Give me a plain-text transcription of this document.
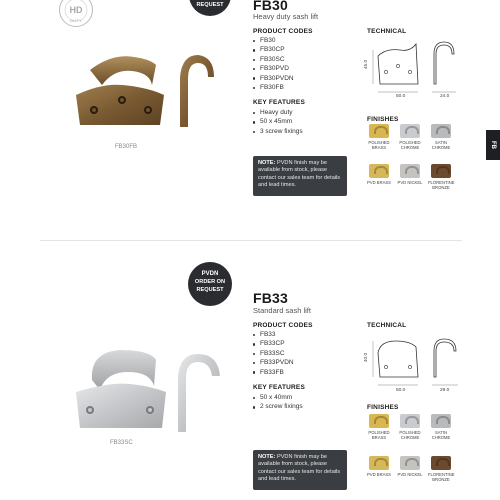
FB
HD
DUTY
REQUEST
FB30FB
FB30
Heavy duty sash lift
PRODUCT CODES
FB30
FB30CP
FB30SC
FB30PVD
FB30PVDN
FB30FB
KEY FEATURES
Heavy duty
50 x 45mm
3 screw fixings
NOTE: PVDN finish may be available from stock, please contact our sales team for details and lead times.
TECHNICAL
45.0
50.0	24.0
FINISHES
POLISHED BRASS
POLISHED CHROME
SATIN CHROME
PVD BRASS PVD NICKEL FLORENTINE BRONZE
PVDN
ORDER ON
REQUEST
FB33SC
FB33
Standard sash lift
PRODUCT CODES
FB33
FB33CP
FB33SC
FB33PVDN
FB33FB
KEY FEATURES
50 x 40mm
2 screw fixings
NOTE: PVDN finish may be available from stock, please contact our sales team for details and lead times.
TECHNICAL
40.0
50.0	29.0
FINISHES
POLISHED BRASS
POLISHED CHROME
SATIN CHROME
PVD BRASS PVD NICKEL FLORENTINE BRONZE
